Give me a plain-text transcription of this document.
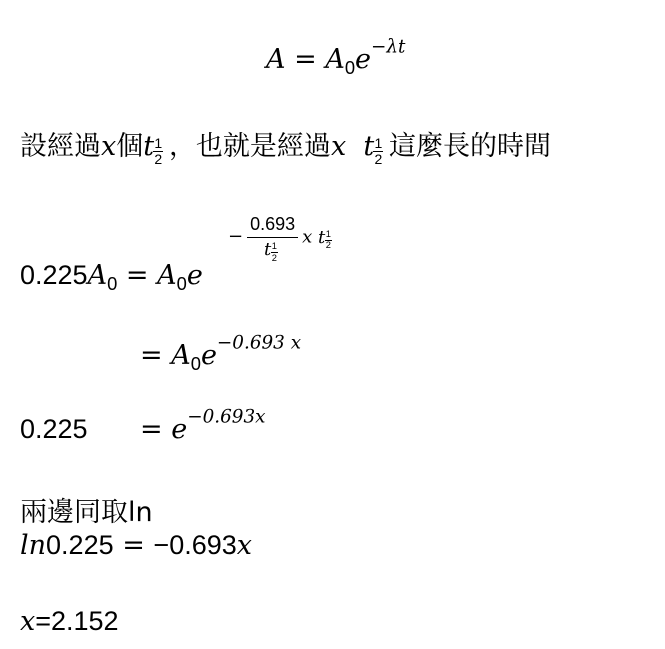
$A = A_0e^{-\lambda t}$
設經過x個t $\frac{1}{2}$ ，也就是經過x t $\frac{1}{2}$ 這麼長的時間
$0.225A_0 = A_0e$
− $\frac{0.693}{t \frac{1}{2}}$ x t $\frac{1}{2}$
= $A_0e^{-0.693 x}$
$0.225 = e^{-0.693x}$
兩邊同取ln
ln0.225 = −0.693x
x=2.152
